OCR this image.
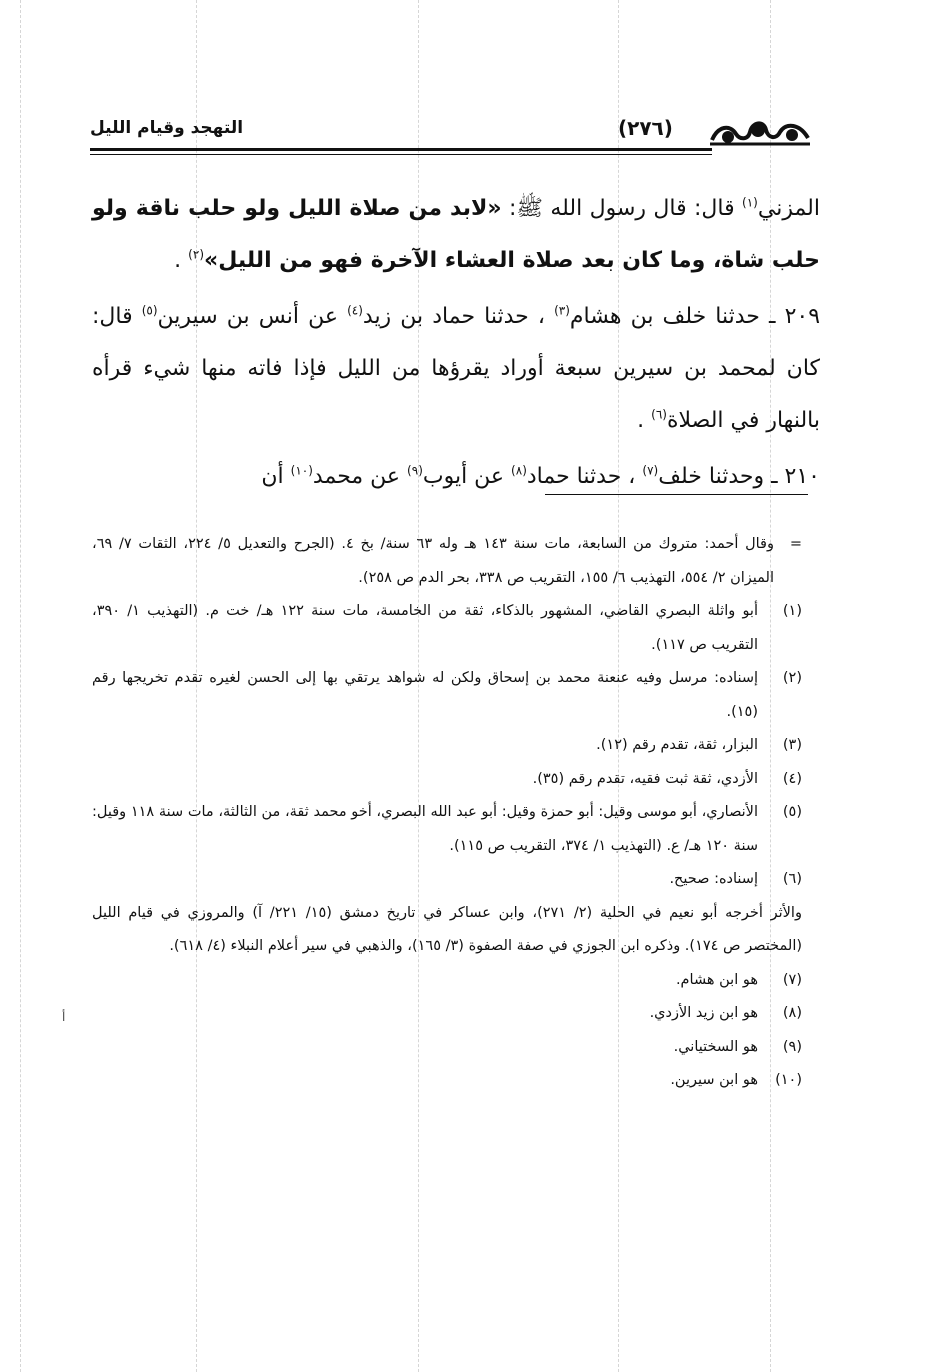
التهجد وقيام الليل	(٢٧٦)

المزني$^{(١)}$ قال: قال رسول الله ﷺ: «لابد من صلاة الليل ولو حلب ناقة ولو حلب شاة، وما كان بعد صلاة العشاء الآخرة فهو من الليل»$^{(٢)}$ .

٢٠٩ ـ حدثنا خلف بن هشام$^{(٣)}$ ، حدثنا حماد بن زيد$^{(٤)}$ عن أنس بن سيرين$^{(٥)}$ قال: كان لمحمد بن سيرين سبعة أوراد يقرؤها من الليل فإذا فاته منها شيء قرأه بالنهار في الصلاة$^{(٦)}$ .

٢١٠ ـ وحدثنا خلف$^{(٧)}$ ، حدثنا حماد$^{(٨)}$ عن أيوب$^{(٩)}$ عن محمد$^{(١٠)}$ أن

=
وقال أحمد: متروك من السابعة، مات سنة ١٤٣ هـ وله ٦٣ سنة/ بخ ٤. (الجرح والتعديل ٥/ ٢٢٤، الثقات ٧/ ٦٩، الميزان ٢/ ٥٥٤، التهذيب ٦/ ١٥٥، التقريب ص ٣٣٨، بحر الدم ص ٢٥٨).
(١)
أبو واثلة البصري القاضي، المشهور بالذكاء، ثقة من الخامسة، مات سنة ١٢٢ هـ/ خت م. (التهذيب ١/ ٣٩٠، التقريب ص ١١٧).
(٢)
إسناده: مرسل وفيه عنعنة محمد بن إسحاق ولكن له شواهد يرتقي بها إلى الحسن لغيره تقدم تخريجها رقم (١٥).
(٣)
البزار، ثقة، تقدم رقم (١٢).
(٤)
الأزدي، ثقة ثبت فقيه، تقدم رقم (٣٥).
(٥)
الأنصاري، أبو موسى وقيل: أبو حمزة وقيل: أبو عبد الله البصري، أخو محمد ثقة، من الثالثة، مات سنة ١١٨ وقيل: سنة ١٢٠ هـ/ ع. (التهذيب ١/ ٣٧٤، التقريب ص ١١٥).
(٦)
إسناده: صحيح.
والأثر أخرجه أبو نعيم في الحلية (٢/ ٢٧١)، وابن عساكر في تاريخ دمشق (١٥/ ٢٢١/ آ) والمروزي في قيام الليل (المختصر ص ١٧٤). وذكره ابن الجوزي في صفة الصفوة (٣/ ١٦٥)، والذهبي في سير أعلام النبلاء (٤/ ٦١٨).
(٧)
هو ابن هشام.
(٨)
هو ابن زيد الأزدي.
(٩)
هو السختياني.
(١٠)
هو ابن سيرين.
أ
